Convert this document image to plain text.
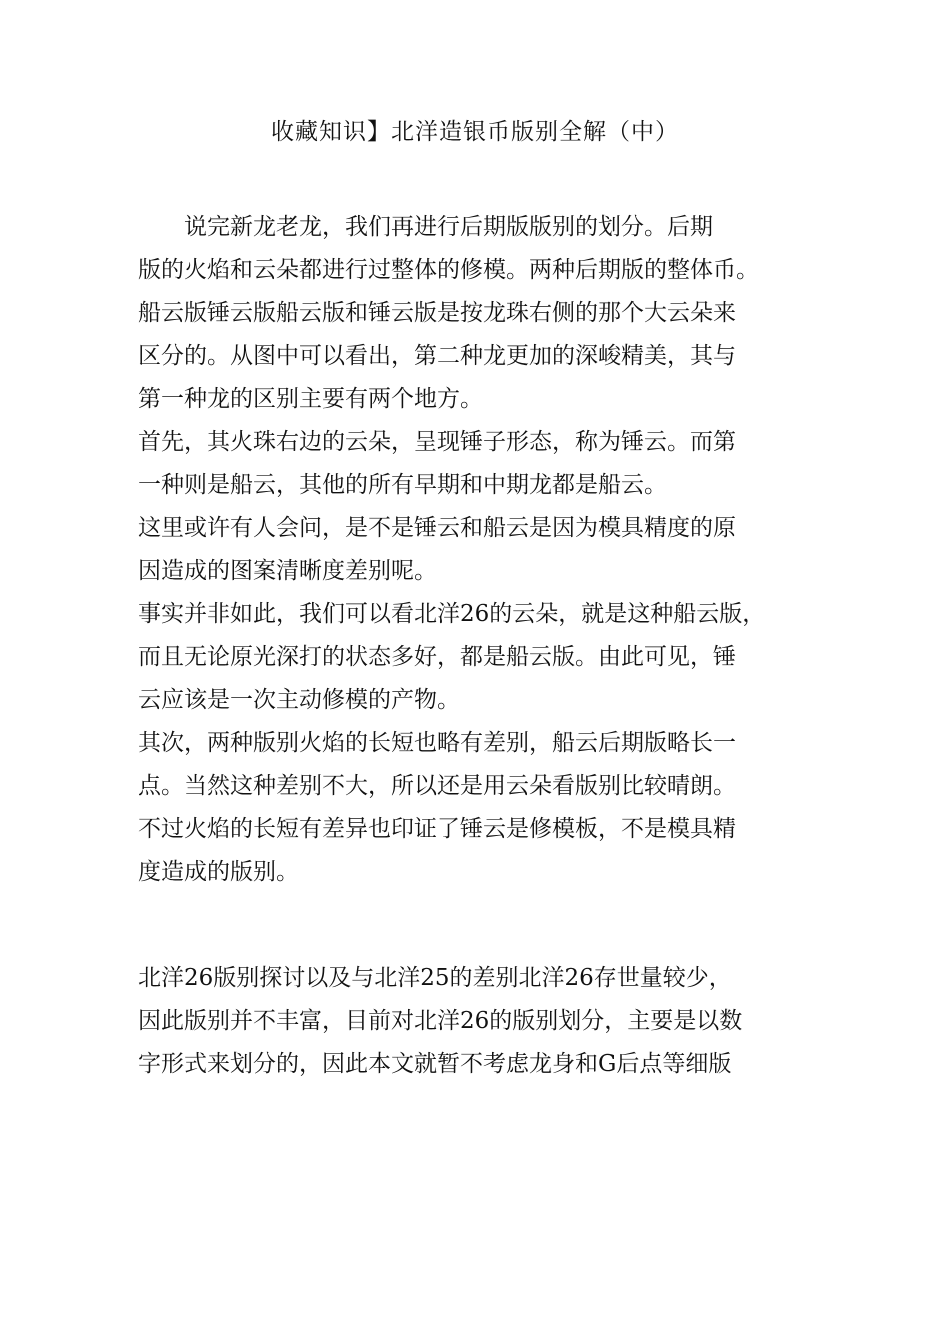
收藏知识】北洋造银币版别全解（中）
说完新龙老龙，我们再进行后期版版别的划分。后期
版的火焰和云朵都进行过整体的修模。两种后期版的整体币。
船云版锤云版船云版和锤云版是按龙珠右侧的那个大云朵来
区分的。从图中可以看出，第二种龙更加的深峻精美，其与
第一种龙的区别主要有两个地方。
首先，其火珠右边的云朵，呈现锤子形态，称为锤云。而第
一种则是船云，其他的所有早期和中期龙都是船云。
这里或许有人会问，是不是锤云和船云是因为模具精度的原
因造成的图案清晰度差别呢。
事实并非如此，我们可以看北洋26的云朵，就是这种船云版，
而且无论原光深打的状态多好，都是船云版。由此可见，锤
云应该是一次主动修模的产物。
其次，两种版别火焰的长短也略有差别，船云后期版略长一
点。当然这种差别不大，所以还是用云朵看版别比较晴朗。
不过火焰的长短有差异也印证了锤云是修模板，不是模具精
度造成的版别。
北洋26版别探讨以及与北洋25的差别北洋26存世量较少，
因此版别并不丰富，目前对北洋26的版别划分，主要是以数
字形式来划分的，因此本文就暂不考虑龙身和G后点等细版
